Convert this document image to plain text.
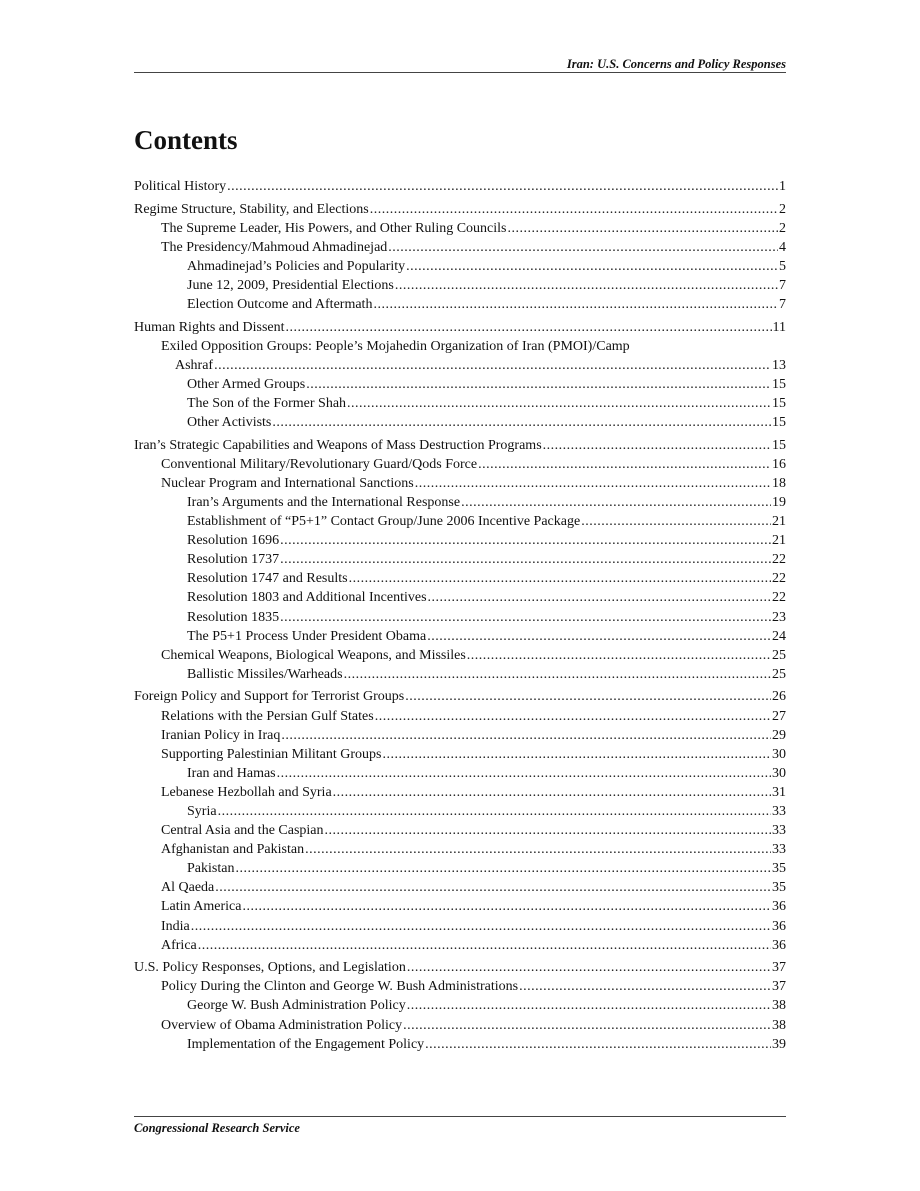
Iran: U.S. Concerns and Policy Responses
Contents
Political History .....	1
Regime Structure, Stability, and Elections .....	2
The Supreme Leader, His Powers, and Other Ruling Councils .....	2
The Presidency/Mahmoud Ahmadinejad .....	4
Ahmadinejad’s Policies and Popularity .....	5
June 12, 2009, Presidential Elections .....	7
Election Outcome and Aftermath .....	7
Human Rights and Dissent .....	11
Exiled Opposition Groups: People’s Mojahedin Organization of Iran (PMOI)/Camp
Ashraf .....	13
Other Armed Groups .....	15
The Son of the Former Shah .....	15
Other Activists .....	15
Iran’s Strategic Capabilities and Weapons of Mass Destruction Programs .....	15
Conventional Military/Revolutionary Guard/Qods Force .....	16
Nuclear Program and International Sanctions .....	18
Iran’s Arguments and the International Response .....	19
Establishment of “P5+1” Contact Group/June 2006 Incentive Package .....	21
Resolution 1696 .....	21
Resolution 1737 .....	22
Resolution 1747 and Results .....	22
Resolution 1803 and Additional Incentives .....	22
Resolution 1835 .....	23
The P5+1 Process Under President Obama .....	24
Chemical Weapons, Biological Weapons, and Missiles .....	25
Ballistic Missiles/Warheads .....	25
Foreign Policy and Support for Terrorist Groups .....	26
Relations with the Persian Gulf States .....	27
Iranian Policy in Iraq .....	29
Supporting Palestinian Militant Groups .....	30
Iran and Hamas .....	30
Lebanese Hezbollah and Syria .....	31
Syria .....	33
Central Asia and the Caspian .....	33
Afghanistan and Pakistan .....	33
Pakistan .....	35
Al Qaeda .....	35
Latin America .....	36
India .....	36
Africa .....	36
U.S. Policy Responses, Options, and Legislation .....	37
Policy During the Clinton and George W. Bush Administrations .....	37
George W. Bush Administration Policy .....	38
Overview of Obama Administration Policy .....	38
Implementation of the Engagement Policy .....	39
Congressional Research Service
